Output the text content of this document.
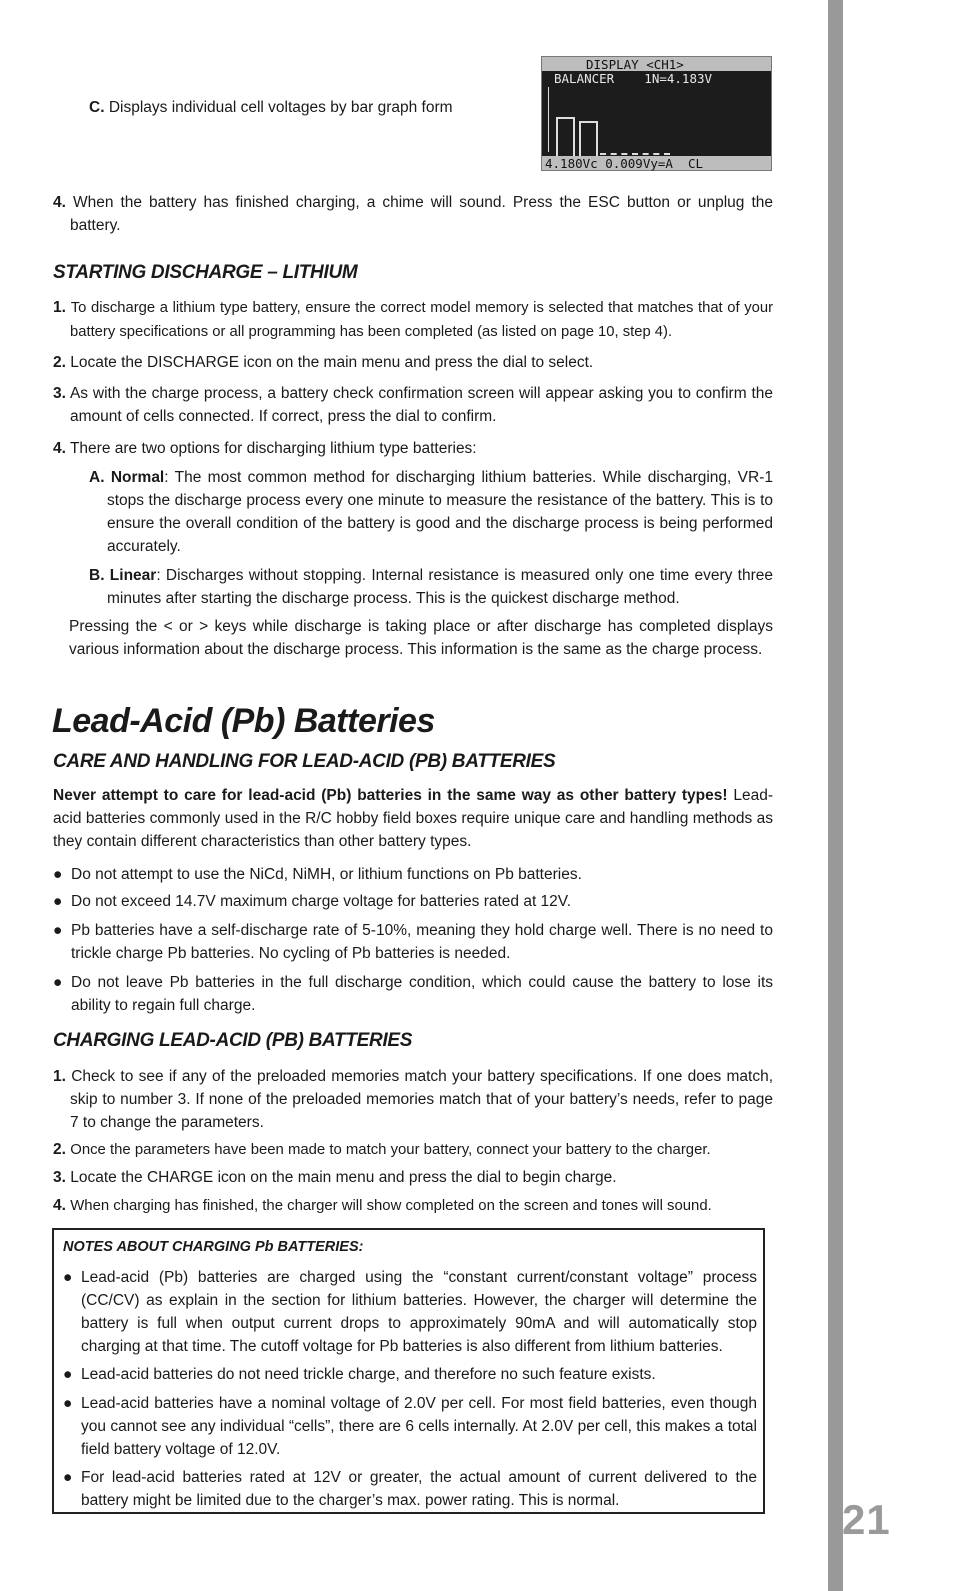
21
C. Displays individual cell voltages by bar graph form
DISPLAY <CH1>
BALANCER    1N=4.183V
4.180Vc 0.009Vy=A  CL
4. When the battery has finished charging, a chime will sound. Press the ESC button or unplug the battery.
STARTING DISCHARGE – LITHIUM
1. To discharge a lithium type battery, ensure the correct model memory is selected that matches that of your battery specifications or all programming has been completed (as listed on page 10, step 4).
2. Locate the DISCHARGE icon on the main menu and press the dial to select.
3. As with the charge process, a battery check confirmation screen will appear asking you to confirm the amount of cells connected. If correct, press the dial to confirm.
4. There are two options for discharging lithium type batteries:
A. Normal: The most common method for discharging lithium batteries. While discharging, VR-1 stops the discharge process every one minute to measure the resistance of the battery. This is to ensure the overall condition of the battery is good and the discharge process is being performed accurately.
B. Linear: Discharges without stopping. Internal resistance is measured only one time every three minutes after starting the discharge process. This is the quickest discharge method.
Pressing the < or > keys while discharge is taking place or after discharge has completed displays various information about the discharge process. This information is the same as the charge process.
Lead-Acid (Pb) Batteries
CARE AND HANDLING FOR LEAD-ACID (PB) BATTERIES
Never attempt to care for lead-acid (Pb) batteries in the same way as other battery types! Lead-acid batteries commonly used in the R/C hobby field boxes require unique care and handling methods as they contain different characteristics than other battery types.
● Do not attempt to use the NiCd, NiMH, or lithium functions on Pb batteries.
● Do not exceed 14.7V maximum charge voltage for batteries rated at 12V.
● Pb batteries have a self-discharge rate of 5-10%, meaning they hold charge well. There is no need to trickle charge Pb batteries. No cycling of Pb batteries is needed.
● Do not leave Pb batteries in the full discharge condition, which could cause the battery to lose its ability to regain full charge.
CHARGING LEAD-ACID (PB) BATTERIES
1. Check to see if any of the preloaded memories match your battery specifications. If one does match, skip to number 3. If none of the preloaded memories match that of your battery’s needs, refer to page 7 to change the parameters.
2. Once the parameters have been made to match your battery, connect your battery to the charger.
3. Locate the CHARGE icon on the main menu and press the dial to begin charge.
4. When charging has finished, the charger will show completed on the screen and tones will sound.
NOTES ABOUT CHARGING Pb BATTERIES:
● Lead-acid (Pb) batteries are charged using the “constant current/constant voltage” process (CC/CV) as explain in the section for lithium batteries. However, the charger will determine the battery is full when output current drops to approximately 90mA and will automatically stop charging at that time. The cutoff voltage for Pb batteries is also different from lithium batteries.
● Lead-acid batteries do not need trickle charge, and therefore no such feature exists.
● Lead-acid batteries have a nominal voltage of 2.0V per cell. For most field batteries, even though you cannot see any individual “cells”, there are 6 cells internally. At 2.0V per cell, this makes a total field battery voltage of 12.0V.
● For lead-acid batteries rated at 12V or greater, the actual amount of current delivered to the battery might be limited due to the charger’s max. power rating. This is normal.
